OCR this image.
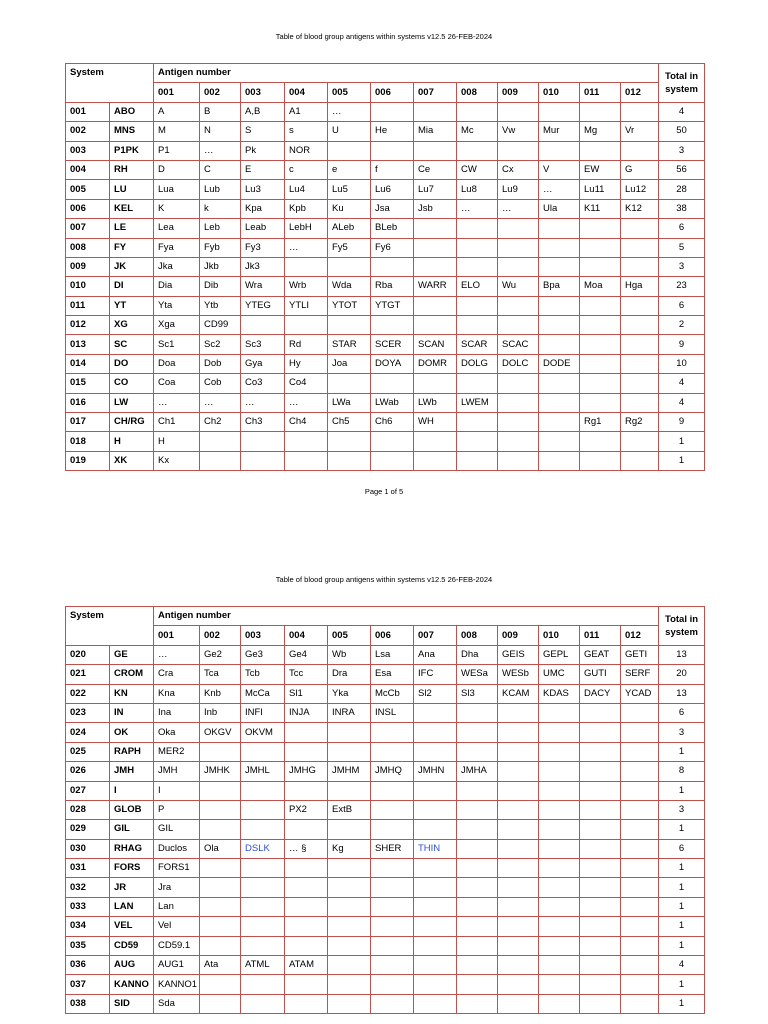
Table of blood group antigens within systems v12.5 26-FEB-2024
System		Antigen number												Total in system
		001	002	003	004	005	006	007	008	009	010	011	012	
001	ABO	A	B	A,B	A1	…								4
002	MNS	M	N	S	s	U	He	Mia	Mc	Vw	Mur	Mg	Vr	50
003	P1PK	P1	…	Pk	NOR									3
004	RH	D	C	E	c	e	f	Ce	CW	Cx	V	EW	G	56
005	LU	Lua	Lub	Lu3	Lu4	Lu5	Lu6	Lu7	Lu8	Lu9	…	Lu11	Lu12	28
006	KEL	K	k	Kpa	Kpb	Ku	Jsa	Jsb	…	…	Ula	K11	K12	38
007	LE	Lea	Leb	Leab	LebH	ALeb	BLeb							6
008	FY	Fya	Fyb	Fy3	…	Fy5	Fy6							5
009	JK	Jka	Jkb	Jk3										3
010	DI	Dia	Dib	Wra	Wrb	Wda	Rba	WARR	ELO	Wu	Bpa	Moa	Hga	23
011	YT	Yta	Ytb	YTEG	YTLI	YTOT	YTGT							6
012	XG	Xga	CD99											2
013	SC	Sc1	Sc2	Sc3	Rd	STAR	SCER	SCAN	SCAR	SCAC				9
014	DO	Doa	Dob	Gya	Hy	Joa	DOYA	DOMR	DOLG	DOLC	DODE			10
015	CO	Coa	Cob	Co3	Co4									4
016	LW	…	…	…	…	LWa	LWab	LWb	LWEM					4
017	CH/RG	Ch1	Ch2	Ch3	Ch4	Ch5	Ch6	WH				Rg1	Rg2	9
018	H	H												1
019	XK	Kx												1
Page 1 of 5
Table of blood group antigens within systems v12.5 26-FEB-2024
System		Antigen number												Total in system
		001	002	003	004	005	006	007	008	009	010	011	012	
020	GE	…	Ge2	Ge3	Ge4	Wb	Lsa	Ana	Dha	GEIS	GEPL	GEAT	GETI	13
021	CROM	Cra	Tca	Tcb	Tcc	Dra	Esa	IFC	WESa	WESb	UMC	GUTI	SERF	20
022	KN	Kna	Knb	McCa	Sl1	Yka	McCb	Sl2	Sl3	KCAM	KDAS	DACY	YCAD	13
023	IN	Ina	Inb	INFI	INJA	INRA	INSL							6
024	OK	Oka	OKGV	OKVM										3
025	RAPH	MER2												1
026	JMH	JMH	JMHK	JMHL	JMHG	JMHM	JMHQ	JMHN	JMHA					8
027	I	I												1
028	GLOB	P			PX2	ExtB								3
029	GIL	GIL												1
030	RHAG	Duclos	Ola	DSLK	… §	Kg	SHER	THIN						6
031	FORS	FORS1												1
032	JR	Jra												1
033	LAN	Lan												1
034	VEL	Vel												1
035	CD59	CD59.1												1
036	AUG	AUG1	Ata	ATML	ATAM									4
037	KANNO	KANNO1												1
038	SID	Sda												1
